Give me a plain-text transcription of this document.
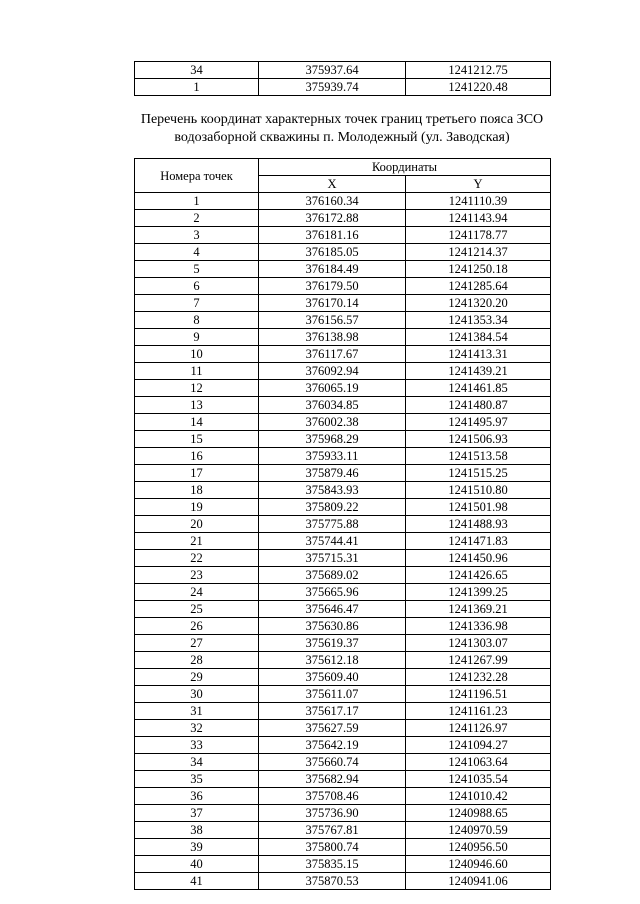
34	375937.64	1241212.75
1	375939.74	1241220.48
Перечень координат характерных точек границ третьего пояса ЗСО
водозаборной скважины п. Молодежный (ул. Заводская)
Номера точек	Координаты	
	X	Y
1	376160.34	1241110.39
2	376172.88	1241143.94
3	376181.16	1241178.77
4	376185.05	1241214.37
5	376184.49	1241250.18
6	376179.50	1241285.64
7	376170.14	1241320.20
8	376156.57	1241353.34
9	376138.98	1241384.54
10	376117.67	1241413.31
11	376092.94	1241439.21
12	376065.19	1241461.85
13	376034.85	1241480.87
14	376002.38	1241495.97
15	375968.29	1241506.93
16	375933.11	1241513.58
17	375879.46	1241515.25
18	375843.93	1241510.80
19	375809.22	1241501.98
20	375775.88	1241488.93
21	375744.41	1241471.83
22	375715.31	1241450.96
23	375689.02	1241426.65
24	375665.96	1241399.25
25	375646.47	1241369.21
26	375630.86	1241336.98
27	375619.37	1241303.07
28	375612.18	1241267.99
29	375609.40	1241232.28
30	375611.07	1241196.51
31	375617.17	1241161.23
32	375627.59	1241126.97
33	375642.19	1241094.27
34	375660.74	1241063.64
35	375682.94	1241035.54
36	375708.46	1241010.42
37	375736.90	1240988.65
38	375767.81	1240970.59
39	375800.74	1240956.50
40	375835.15	1240946.60
41	375870.53	1240941.06
